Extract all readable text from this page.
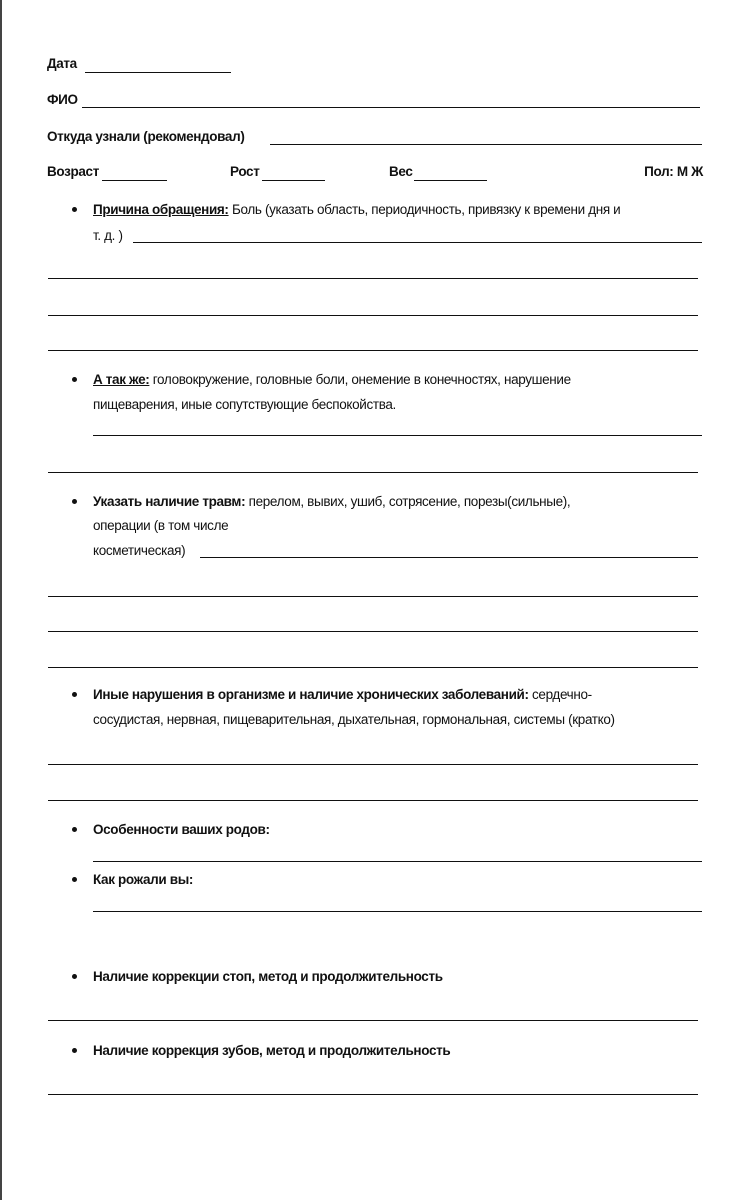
Дата
ФИО
Откуда узнали (рекомендовал)
Возраст	Рост	Вес	Пол: М Ж
Причина обращения: Боль (указать область, периодичность, привязку к времени дня и
т. д. )
А так же: головокружение, головные боли, онемение в конечностях, нарушение
пищеварения, иные сопутствующие беспокойства.
Указать наличие травм: перелом, вывих, ушиб, сотрясение, порезы(сильные),
операции (в том числе
косметическая)
Иные нарушения в организме и наличие хронических заболеваний: сердечно-
сосудистая, нервная, пищеварительная, дыхательная, гормональная, системы (кратко)
Особенности ваших родов:
Как рожали вы:
Наличие коррекции стоп, метод и продолжительность
Наличие коррекция зубов, метод и продолжительность
